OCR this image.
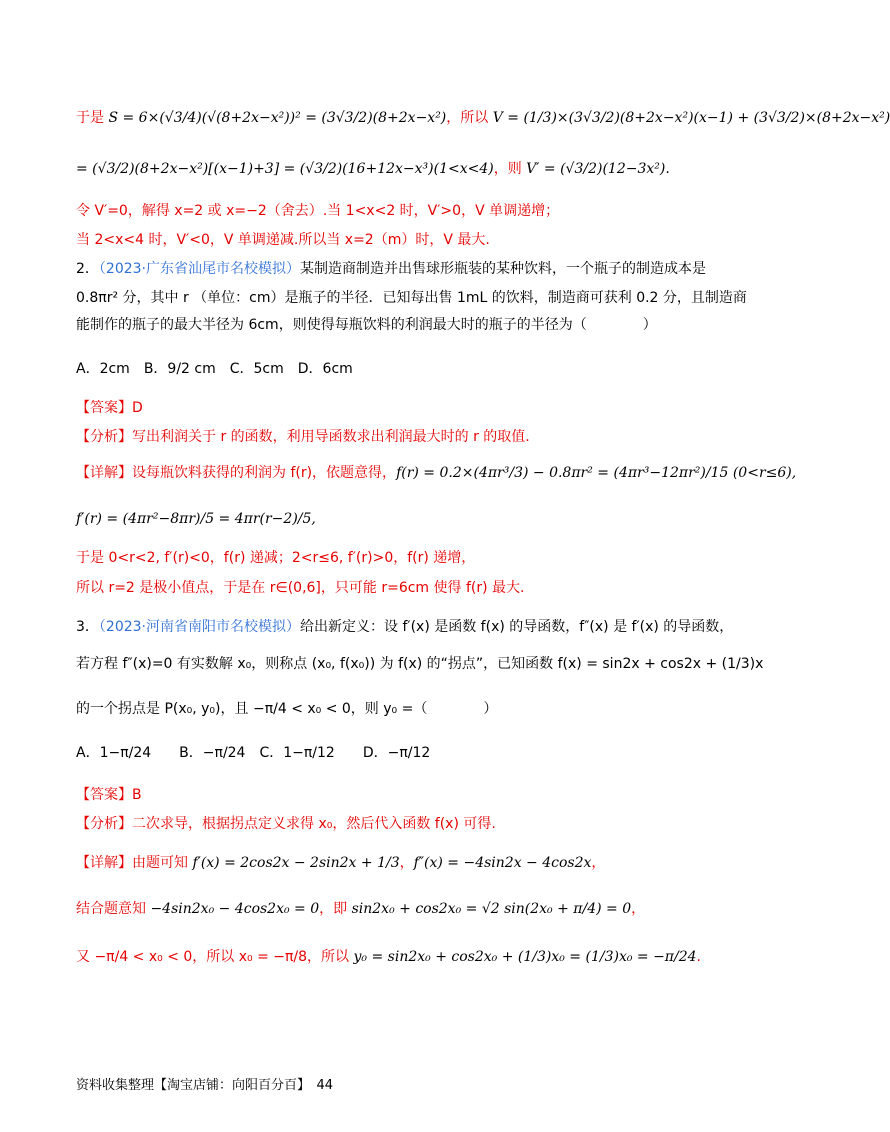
于是 S = 6×(√3/4)(√(8+2x−x²))² = (3√3/2)(8+2x−x²)，所以 V = (1/3)×(3√3/2)(8+2x−x²)(x−1) + (3√3/2)×(8+2x−x²)
= (√3/2)(8+2x−x²)[(x−1)+3] = (√3/2)(16+12x−x³)(1<x<4)，则 V′ = (√3/2)(12−3x²).
令 V′=0，解得 x=2 或 x=−2（舍去）.当 1<x<2 时，V′>0，V 单调递增；
当 2<x<4 时，V′<0，V 单调递减.所以当 x=2（m）时，V 最大.
2．（2023·广东省汕尾市名校模拟）某制造商制造并出售球形瓶装的某种饮料，一个瓶子的制造成本是
0.8πr² 分，其中 r （单位：cm）是瓶子的半径．已知每出售 1mL 的饮料，制造商可获利 0.2 分，且制造商
能制作的瓶子的最大半径为 6cm，则使得每瓶饮料的利润最大时的瓶子的半径为（　　　　）
A．2cm　B．9/2 cm　C．5cm　D．6cm
【答案】D
【分析】写出利润关于 r 的函数，利用导函数求出利润最大时的 r 的取值.
【详解】设每瓶饮料获得的利润为 f(r)，依题意得，f(r) = 0.2×(4πr³/3) − 0.8πr² = (4πr³−12πr²)/15 (0<r≤6),
f′(r) = (4πr²−8πr)/5 = 4πr(r−2)/5,
于是 0<r<2, f′(r)<0，f(r) 递减；2<r≤6, f′(r)>0，f(r) 递增，
所以 r=2 是极小值点，于是在 r∈(0,6]，只可能 r=6cm 使得 f(r) 最大.
3．（2023·河南省南阳市名校模拟）给出新定义：设 f′(x) 是函数 f(x) 的导函数，f″(x) 是 f′(x) 的导函数，
若方程 f″(x)=0 有实数解 x₀，则称点 (x₀, f(x₀)) 为 f(x) 的“拐点”，已知函数 f(x) = sin2x + cos2x + (1/3)x
的一个拐点是 P(x₀, y₀)，且 −π/4 < x₀ < 0，则 y₀ =（　　　　）
A．1−π/24　　B．−π/24　C．1−π/12　　D．−π/12
【答案】B
【分析】二次求导，根据拐点定义求得 x₀，然后代入函数 f(x) 可得.
【详解】由题可知 f′(x) = 2cos2x − 2sin2x + 1/3，f″(x) = −4sin2x − 4cos2x，
结合题意知 −4sin2x₀ − 4cos2x₀ = 0，即 sin2x₀ + cos2x₀ = √2 sin(2x₀ + π/4) = 0，
又 −π/4 < x₀ < 0，所以 x₀ = −π/8，所以 y₀ = sin2x₀ + cos2x₀ + (1/3)x₀ = (1/3)x₀ = −π/24.
资料收集整理【淘宝店铺：向阳百分百】　44
